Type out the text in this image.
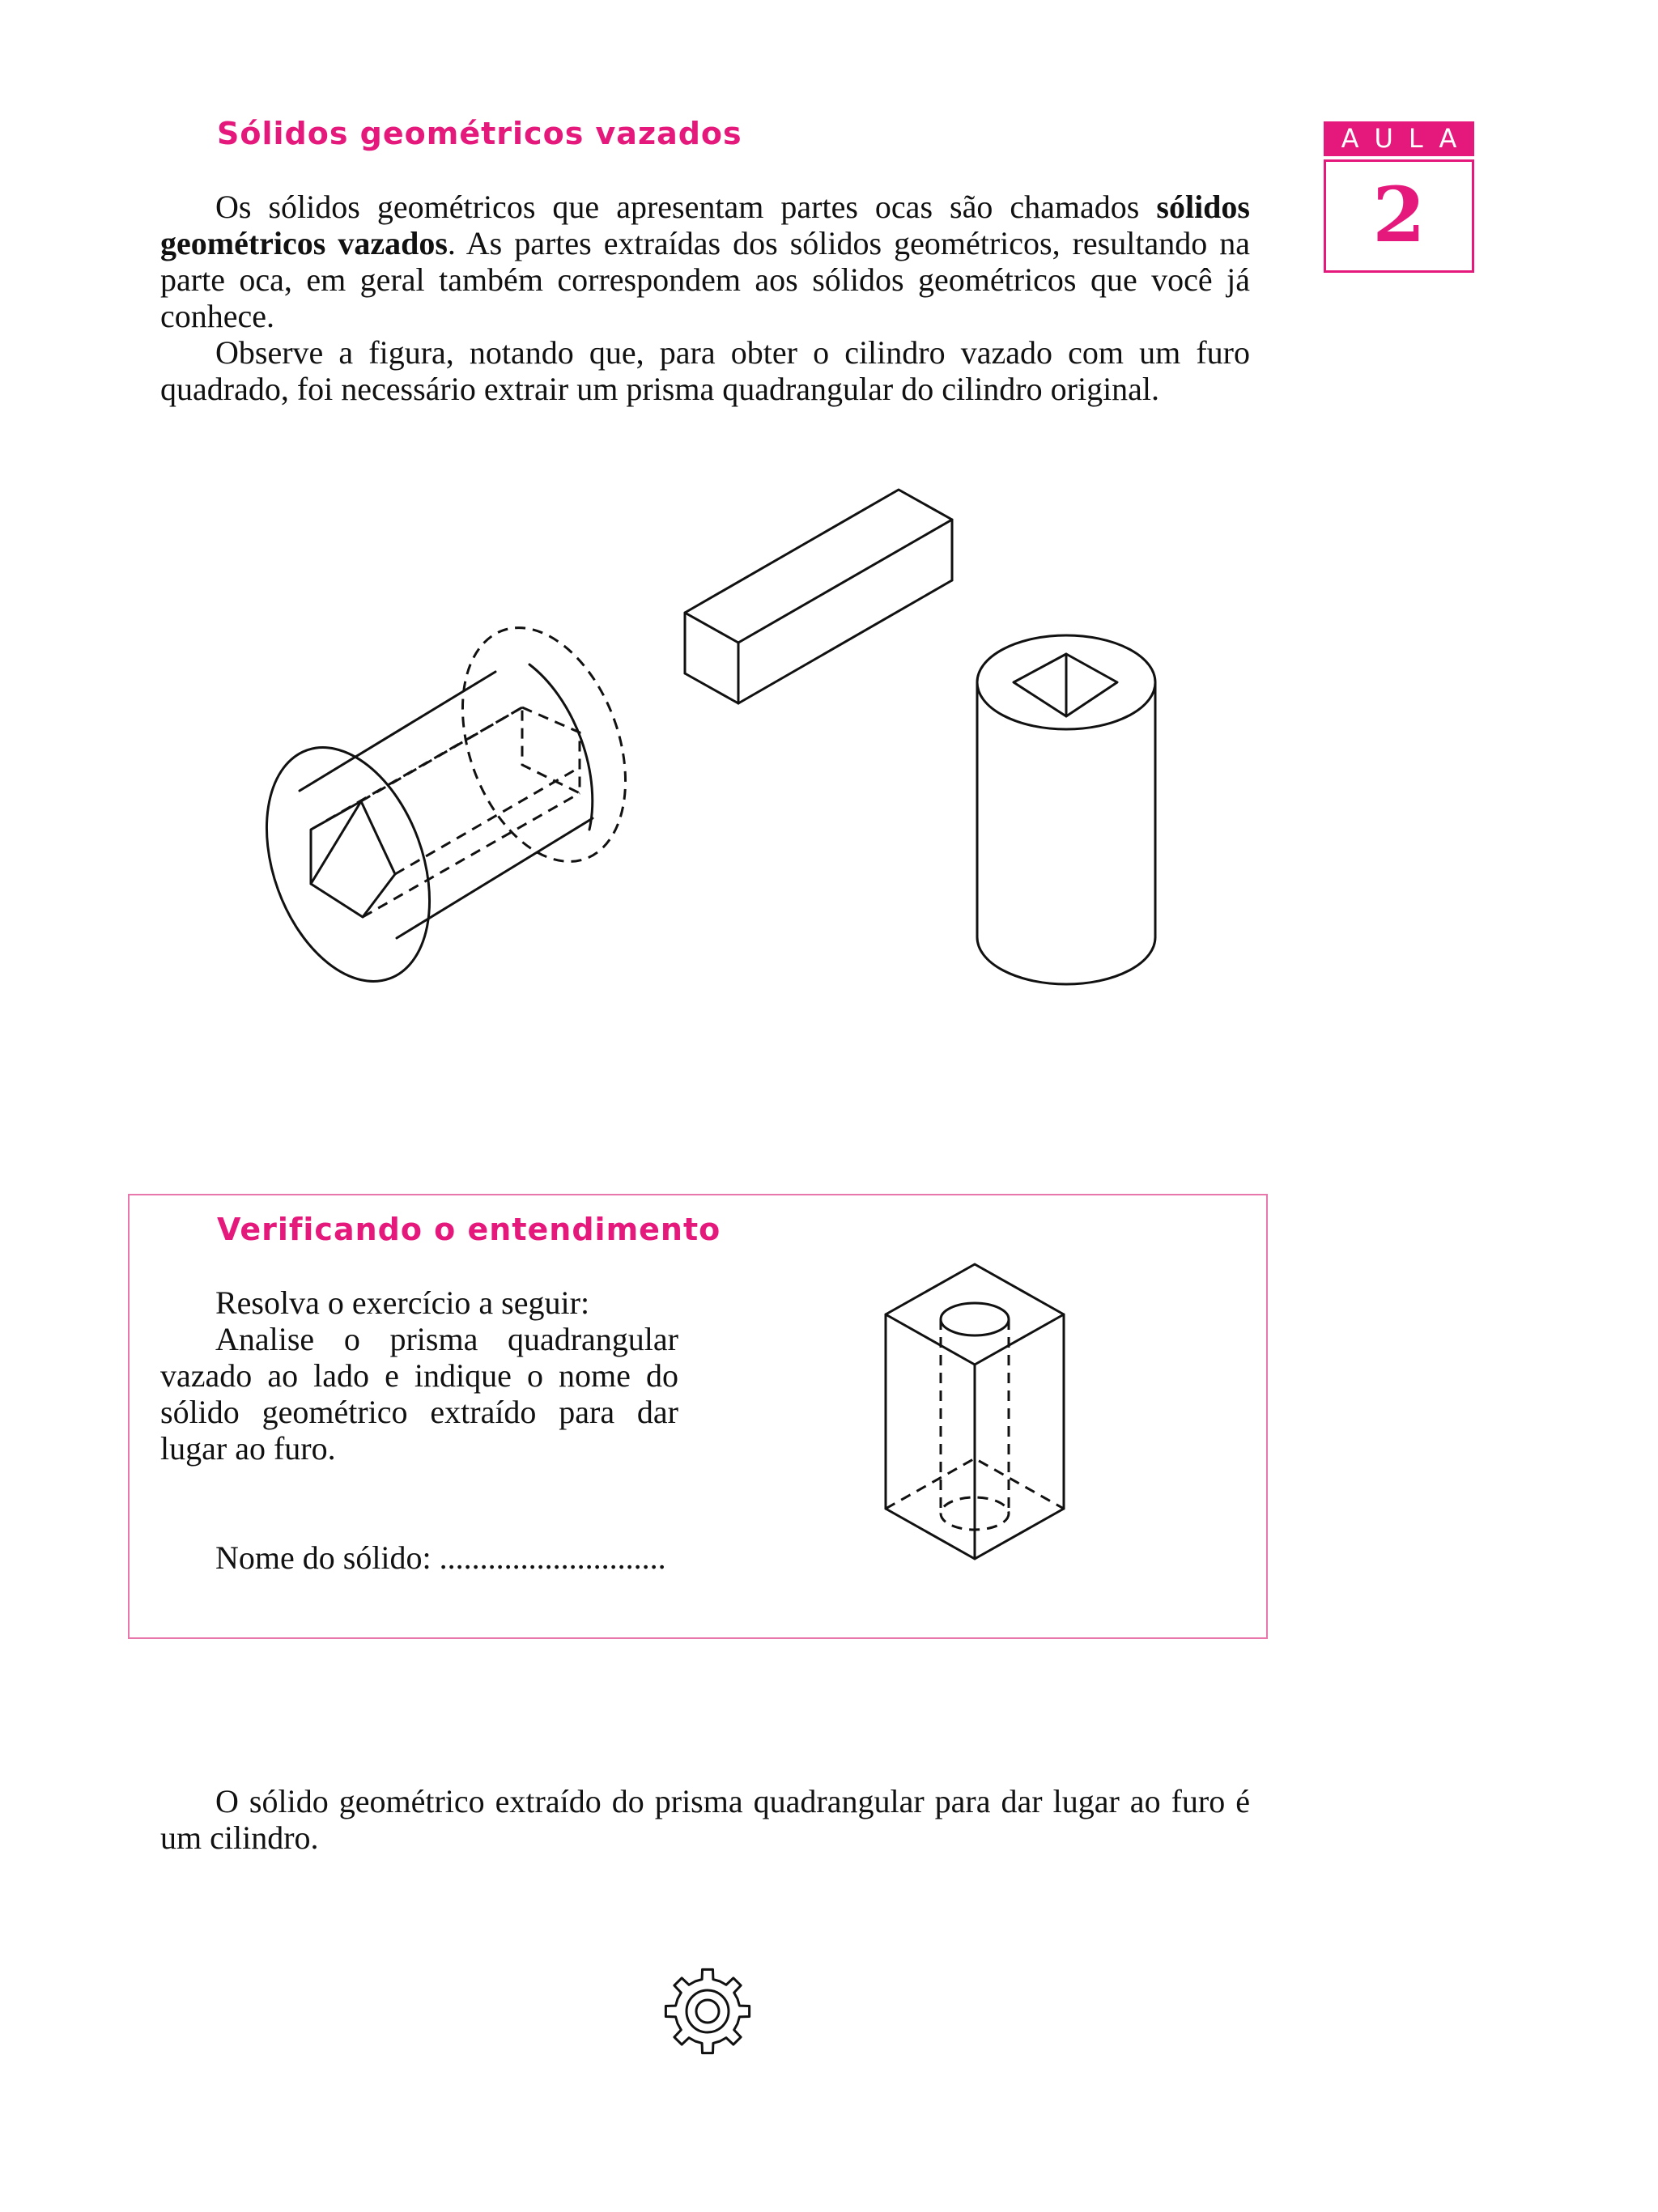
AULA
2
Sólidos geométricos vazados

Os sólidos geométricos que apresentam partes ocas são chamados sólidos geométricos vazados. As partes extraídas dos sólidos geométricos, resultando na parte oca, em geral também correspondem aos sólidos geométricos que você já conhece.

Observe a figura, notando que, para obter o cilindro vazado com um furo quadrado, foi necessário extrair um prisma quadrangular do cilindro original.

Verificando o entendimento

Resolva o exercício a seguir:

Analise o prisma quadrangular vazado ao lado e indique o nome do sólido geométrico extraído para dar lugar ao furo.

Nome do sólido: ............................

O sólido geométrico extraído do prisma quadrangular para dar lugar ao furo é um cilindro.
